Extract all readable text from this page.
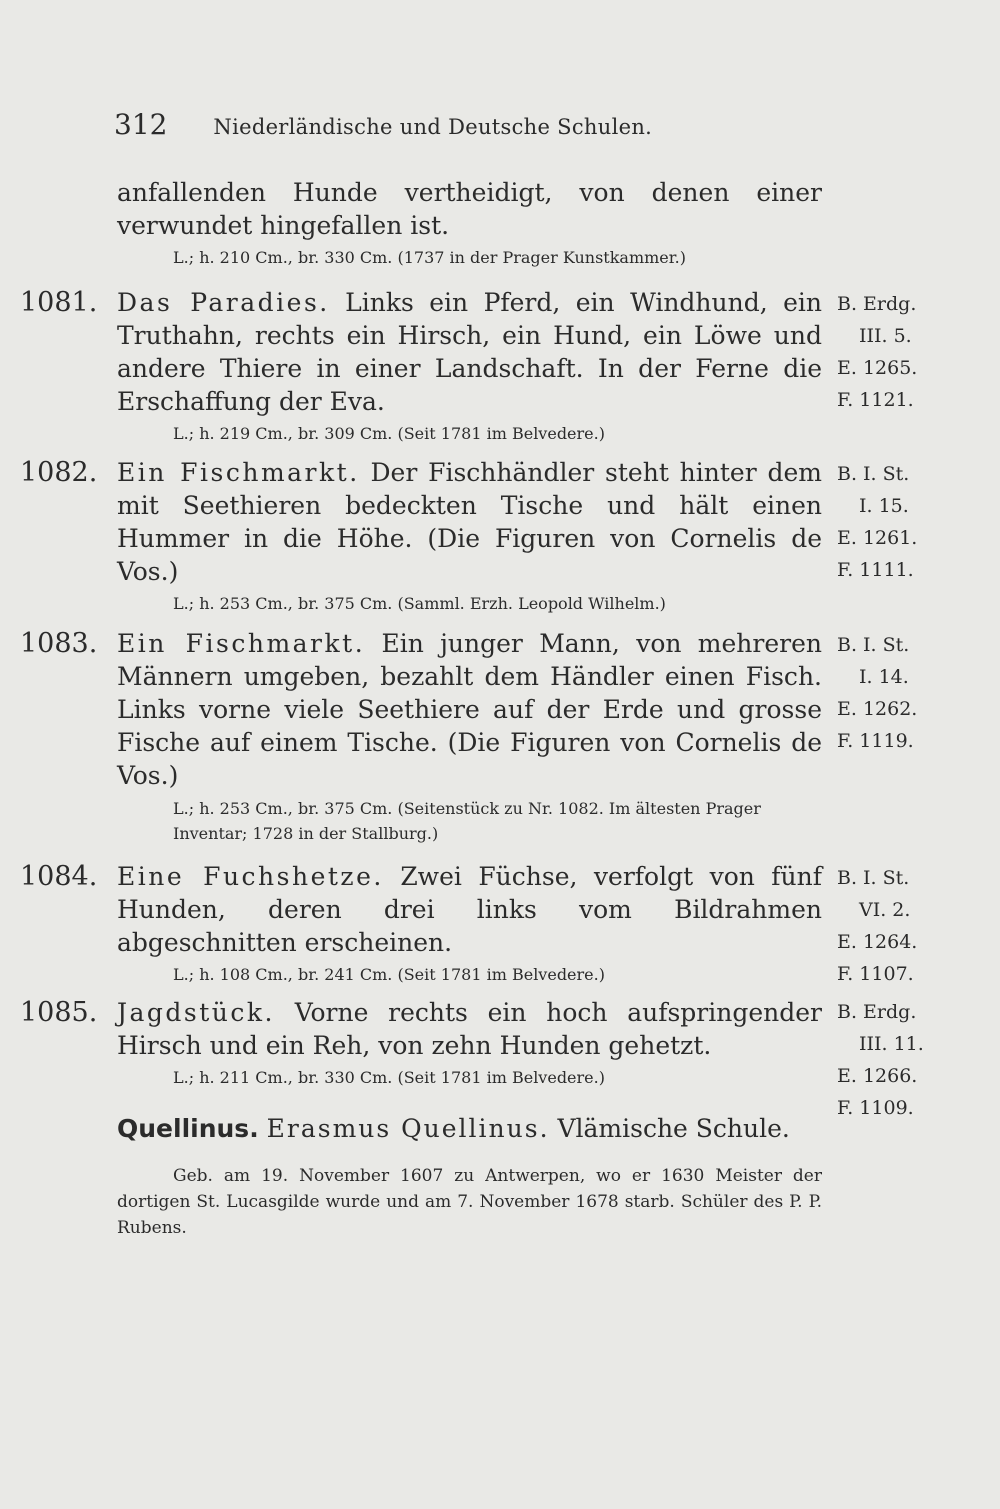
312 Niederländische und Deutsche Schulen.
anfallenden Hunde vertheidigt, von denen einer verwundet hingefallen ist.
L.; h. 210 Cm., br. 330 Cm. (1737 in der Prager Kunstkammer.)
1081. Das Paradies. Links ein Pferd, ein Windhund, ein Truthahn, rechts ein Hirsch, ein Hund, ein Löwe und andere Thiere in einer Landschaft. In der Ferne die Erschaffung der Eva.
L.; h. 219 Cm., br. 309 Cm. (Seit 1781 im Belvedere.)
B. Erdg.
III. 5.
E. 1265.
F. 1121.
1082. Ein Fischmarkt. Der Fischhändler steht hinter dem mit Seethieren bedeckten Tische und hält einen Hummer in die Höhe. (Die Figuren von Cornelis de Vos.)
L.; h. 253 Cm., br. 375 Cm. (Samml. Erzh. Leopold Wilhelm.)
B. I. St.
I. 15.
E. 1261.
F. 1111.
1083. Ein Fischmarkt. Ein junger Mann, von mehreren Männern umgeben, bezahlt dem Händler einen Fisch. Links vorne viele Seethiere auf der Erde und grosse Fische auf einem Tische. (Die Figuren von Cornelis de Vos.)
L.; h. 253 Cm., br. 375 Cm. (Seitenstück zu Nr. 1082. Im ältesten Prager Inventar; 1728 in der Stallburg.)
B. I. St.
I. 14.
E. 1262.
F. 1119.
1084. Eine Fuchshetze. Zwei Füchse, verfolgt von fünf Hunden, deren drei links vom Bildrahmen abgeschnitten erscheinen.
L.; h. 108 Cm., br. 241 Cm. (Seit 1781 im Belvedere.)
B. I. St.
VI. 2.
E. 1264.
F. 1107.
1085. Jagdstück. Vorne rechts ein hoch aufspringender Hirsch und ein Reh, von zehn Hunden gehetzt.
L.; h. 211 Cm., br. 330 Cm. (Seit 1781 im Belvedere.)
B. Erdg.
III. 11.
E. 1266.
F. 1109.
Quellinus. Erasmus Quellinus. Vlämische Schule.
Geb. am 19. November 1607 zu Antwerpen, wo er 1630 Meister der dortigen St. Lucasgilde wurde und am 7. November 1678 starb. Schüler des P. P. Rubens.
